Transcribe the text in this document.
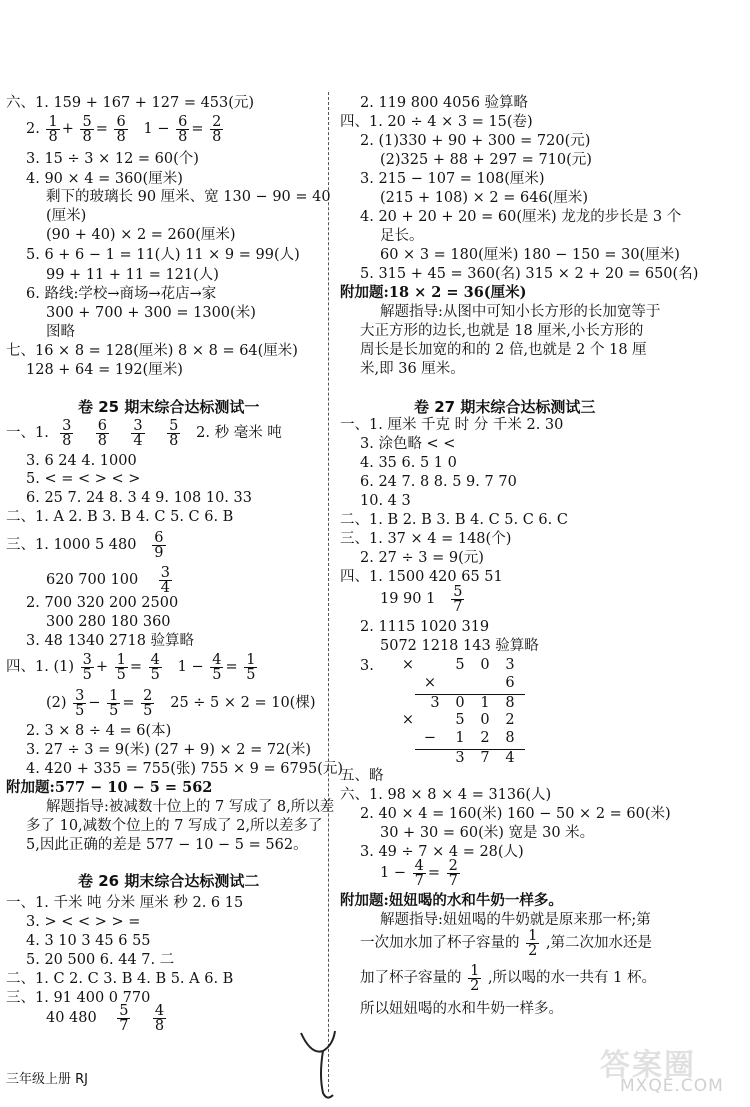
六、1. 159 + 167 + 127 = 453(元)
2. $\frac{1}{8} + \frac{5}{8} = \frac{6}{8} 1 - \frac{6}{8} = \frac{2}{8}$
3. 15 ÷ 3 × 12 = 60(个)
4. 90 × 4 = 360(厘米)
剩下的玻璃长 90 厘米、宽 130 − 90 = 40
(厘米)
(90 + 40) × 2 = 260(厘米)
5. 6 + 6 − 1 = 11(人) 11 × 9 = 99(人)
99 + 11 + 11 = 121(人)
6. 路线:学校→商场→花店→家
300 + 700 + 300 = 1300(米)
图略
七、16 × 8 = 128(厘米) 8 × 8 = 64(厘米)
128 + 64 = 192(厘米)
卷 25 期末综合达标测试一
一、1. $\frac{3}{8}$
$\frac{6}{8}$
$\frac{3}{4}$
$\frac{5}{8} 2$. 秒 毫米 吨
3. 6 24 4. 1000
5. < = < > < >
6. 25 7. 24 8. 3 4 9. 108 10. 33
二、1. A 2. B 3. B 4. C 5. C 6. B
三、1. 1000 5 $480 \frac{6}{9}$
620 700 $100 \frac{3}{4}$
2. 700 320 200 2500
300 280 180 360
3. 48 1340 2718 验算略
四、1. $(1) \frac{3}{5} + \frac{1}{5} = \frac{4}{5} 1 - \frac{4}{5} = \frac{1}{5}$
$(2) \frac{3}{5} - \frac{1}{5} = \frac{2}{5} 25 \div 5 \times 2 = 10$(棵)
2. 3 × 8 ÷ 4 = 6(本)
3. 27 ÷ 3 = 9(米) (27 + 9) × 2 = 72(米)
4. 420 + 335 = 755(张) 755 × 9 = 6795(元)
附加题:577 − 10 − 5 = 562
解题指导:被减数十位上的 7 写成了 8,所以差
多了 10,减数个位上的 7 写成了 2,所以差多了
5,因此正确的差是 577 − 10 − 5 = 562。
卷 26 期末综合达标测试二
一、1. 千米 吨 分米 厘米 秒 2. 6 15
3. > < < > > =
4. 3 10 3 45 6 55
5. 20 500 6. 44 7. 二
二、1. C 2. C 3. B 4. B 5. A 6. B
三、1. 91 400 0 770
40 $480 \frac{5}{7}$
$\frac{4}{8}$
2. 119 800 4056 验算略
四、1. 20 ÷ 4 × 3 = 15(卷)
2. (1)330 + 90 + 300 = 720(元)
(2)325 + 88 + 297 = 710(元)
3. 215 − 107 = 108(厘米)
(215 + 108) × 2 = 646(厘米)
4. 20 + 20 + 20 = 60(厘米) 龙龙的步长是 3 个
足长。
60 × 3 = 180(厘米) 180 − 150 = 30(厘米)
5. 315 + 45 = 360(名) 315 × 2 + 20 = 650(名)
附加题:18 × 2 = 36(厘米)
解题指导:从图中可知小长方形的长加宽等于
大正方形的边长,也就是 18 厘米,小长方形的
周长是长加宽的和的 2 倍,也就是 2 个 18 厘
米,即 36 厘米。
卷 27 期末综合达标测试三
一、1. 厘米 千克 时 分 千米 2. 30
3. 涂色略 < <
4. 35 6. 5 1 0
6. 24 7. 8 8. 5 9. 7 70
10. 4 3
二、1. B 2. B 3. B 4. C 5. C 6. C
三、1. 37 × 4 = 148(个)
2. 27 ÷ 3 = 9(元)
四、1. 1500 420 65 51
19 90 $1 \frac{5}{7}$
2. 1115 1020 319
5072 1218 143 验算略
3. ×	5	0	3
×	6
3	0	1	8
×	5	0	2
−	1	2	8
3	7	4
五、略
六、1. 98 × 8 × 4 = 3136(人)
2. 40 × 4 = 160(米) 160 − 50 × 2 = 60(米)
30 + 30 = 60(米) 宽是 30 米。
3. 49 ÷ 7 × 4 = 28(人)
$1 - \frac{4}{7} = \frac{2}{7}$
附加题:妞妞喝的水和牛奶一样多。
解题指导:妞妞喝的牛奶就是原来那一杯;第
一次加水加了杯子容量的 $\frac{1}{2}$ ,第二次加水还是
加了杯子容量的 $\frac{1}{2}$ ,所以喝的水一共有 1 杯。
所以妞妞喝的水和牛奶一样多。
三年级上册 RJ	答案圈
MXQE.COM
